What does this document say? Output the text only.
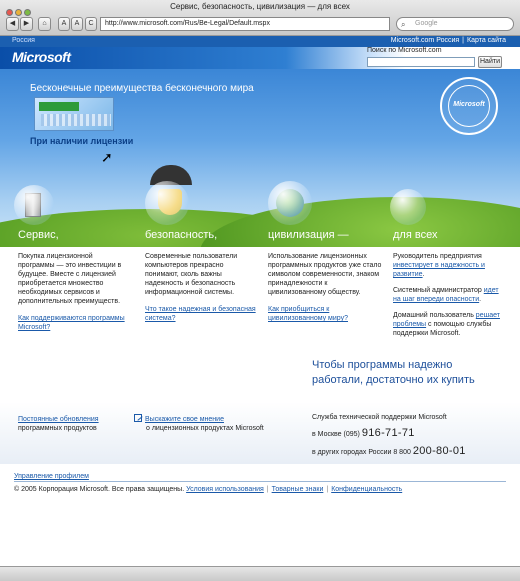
Сервис, безопасность, цивилизация — для всех
◀	▶	⌂	A	A	C	http://www.microsoft.com/Rus/Be-Legal/Default.mspx	⌕ Google
Россия	Microsoft.com Россия | Карта сайта
Microsoft	Поиск по Microsoft.com
Найти
Бесконечные преимущества бесконечного мира
При наличии лицензии
➚
Microsoft
Сервис,	безопасность,	цивилизация —	для всех
Покупка лицензионной программы — это инвестиции в будущее. Вместе с лицензией приобретается множество необходимых сервисов и дополнительных преимуществ.
Как поддерживаются программы Microsoft?
Современные пользователи компьютеров прекрасно понимают, сколь важны надежность и безопасность информационной системы.
Что такое надежная и безопасная система?
Использование лицензионных программных продуктов уже стало символом современности, знаком принадлежности к цивилизованному обществу.
Как приобщиться к цивилизованному миру?

Руководитель предприятия инвестирует в надежность и развитие.

Системный администратор идет на шаг впереди опасности.

Домашний пользователь решает проблемы с помощью службы поддержки Microsoft.

Чтобы программы надежно работали, достаточно их купить
Постоянные обновления
программных продуктов
Выскажите свое мнение
о лицензионных продуктах Microsoft
Служба технической поддержки Microsoft
в Москве (095) 916-71-71
в других городах России 8 800 200-80-01
Управление профилем
© 2005 Корпорация Microsoft. Все права защищены. Условия использования | Товарные знаки | Конфиденциальность
